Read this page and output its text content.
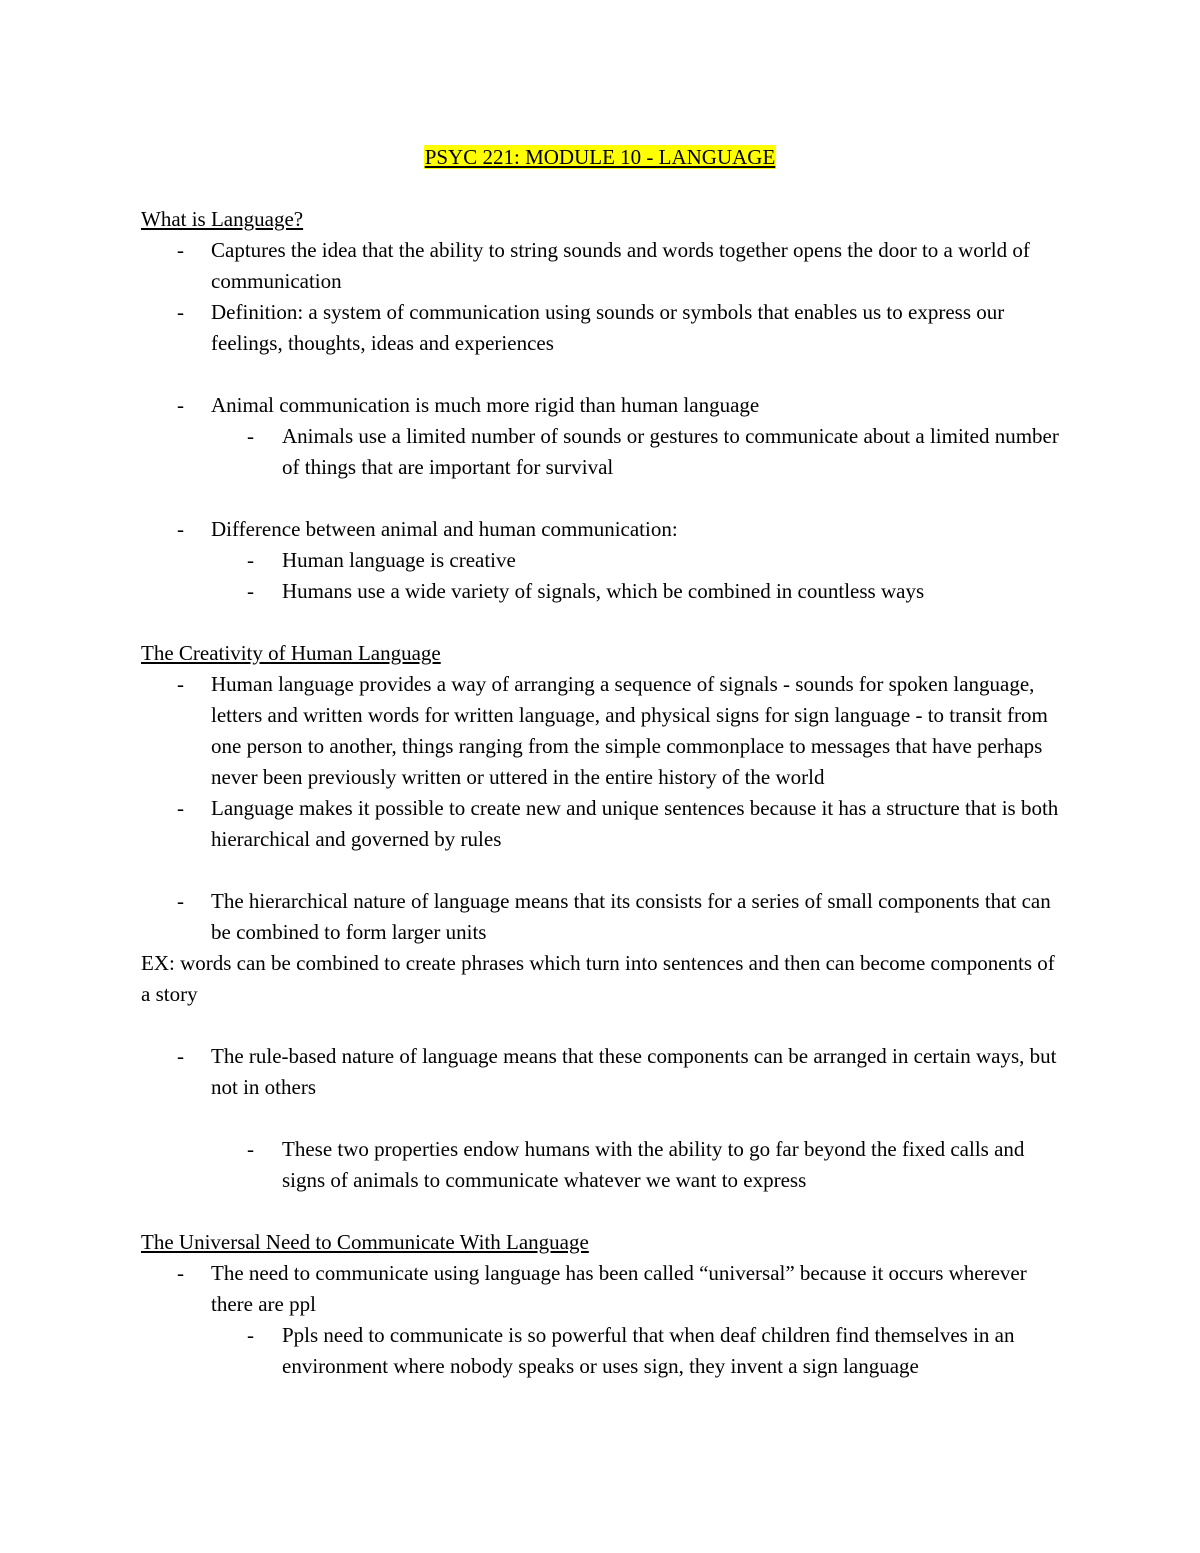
PSYC 221: MODULE 10 - LANGUAGE
What is Language?
- Captures the idea that the ability to string sounds and words together opens the door to a world of communication
- Definition: a system of communication using sounds or symbols that enables us to express our feelings, thoughts, ideas and experiences
- Animal communication is much more rigid than human language
- Animals use a limited number of sounds or gestures to communicate about a limited number of things that are important for survival
- Difference between animal and human communication:
- Human language is creative
- Humans use a wide variety of signals, which be combined in countless ways
The Creativity of Human Language
- Human language provides a way of arranging a sequence of signals - sounds for spoken language, letters and written words for written language, and physical signs for sign language - to transit from one person to another, things ranging from the simple commonplace to messages that have perhaps never been previously written or uttered in the entire history of the world
- Language makes it possible to create new and unique sentences because it has a structure that is both hierarchical and governed by rules
- The hierarchical nature of language means that its consists for a series of small components that can be combined to form larger units

EX: words can be combined to create phrases which turn into sentences and then can become components of a story

- The rule-based nature of language means that these components can be arranged in certain ways, but not in others
- These two properties endow humans with the ability to go far beyond the fixed calls and signs of animals to communicate whatever we want to express
The Universal Need to Communicate With Language
- The need to communicate using language has been called “universal” because it occurs wherever there are ppl
- Ppls need to communicate is so powerful that when deaf children find themselves in an environment where nobody speaks or uses sign, they invent a sign language
